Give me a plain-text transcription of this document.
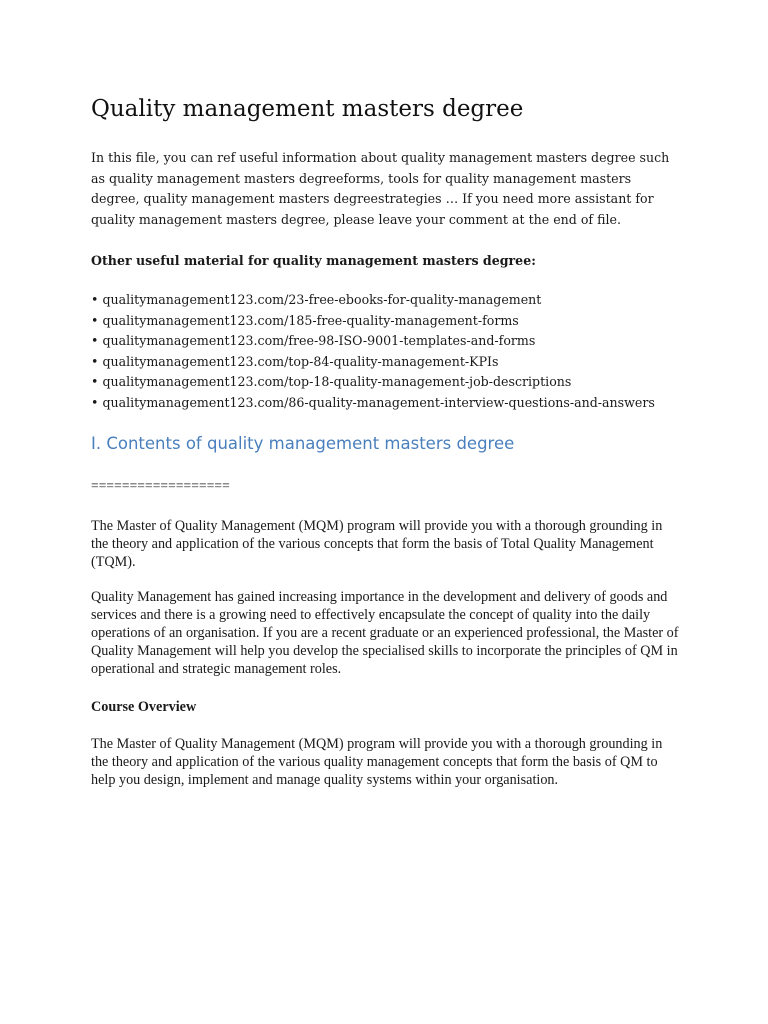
Quality management masters degree

In this file, you can ref useful information about quality management masters degree such as quality management masters degreeforms, tools for quality management masters degree, quality management masters degreestrategies … If you need more assistant for quality management masters degree, please leave your comment at the end of file.

Other useful material for quality management masters degree:

• qualitymanagement123.com/23-free-ebooks-for-quality-management
• qualitymanagement123.com/185-free-quality-management-forms
• qualitymanagement123.com/free-98-ISO-9001-templates-and-forms
• qualitymanagement123.com/top-84-quality-management-KPIs
• qualitymanagement123.com/top-18-quality-management-job-descriptions
• qualitymanagement123.com/86-quality-management-interview-questions-and-answers
I. Contents of quality management masters degree

==================

The Master of Quality Management (MQM) program will provide you with a thorough grounding in the theory and application of the various concepts that form the basis of Total Quality Management (TQM).

Quality Management has gained increasing importance in the development and delivery of goods and services and there is a growing need to effectively encapsulate the concept of quality into the daily operations of an organisation. If you are a recent graduate or an experienced professional, the Master of Quality Management will help you develop the specialised skills to incorporate the principles of QM in operational and strategic management roles.

Course Overview

The Master of Quality Management (MQM) program will provide you with a thorough grounding in the theory and application of the various quality management concepts that form the basis of QM to help you design, implement and manage quality systems within your organisation.
